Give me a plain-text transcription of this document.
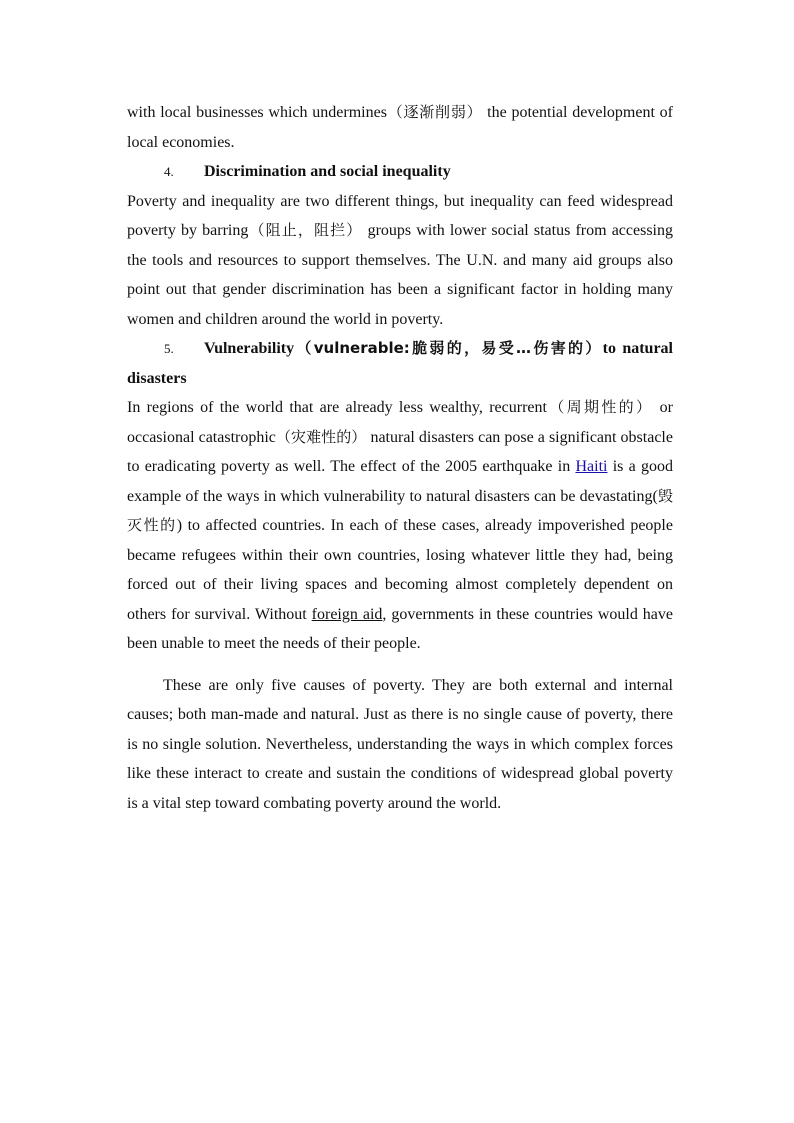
with local businesses which undermines（逐渐削弱） the potential development of local economies.

4. Discrimination and social inequality

Poverty and inequality are two different things, but inequality can feed widespread poverty by barring（阻止，阻拦） groups with lower social status from accessing the tools and resources to support themselves. The U.N. and many aid groups also point out that gender discrimination has been a significant factor in holding many women and children around the world in poverty.

5. Vulnerability（vulnerable:脆弱的，易受…伤害的）to natural disasters

In regions of the world that are already less wealthy, recurrent（周期性的） or occasional catastrophic（灾难性的） natural disasters can pose a significant obstacle to eradicating poverty as well. The effect of the 2005 earthquake in Haiti is a good example of the ways in which vulnerability to natural disasters can be devastating(毁灭性的) to affected countries. In each of these cases, already impoverished people became refugees within their own countries, losing whatever little they had, being forced out of their living spaces and becoming almost completely dependent on others for survival. Without foreign aid, governments in these countries would have been unable to meet the needs of their people.

These are only five causes of poverty. They are both external and internal causes; both man-made and natural. Just as there is no single cause of poverty, there is no single solution. Nevertheless, understanding the ways in which complex forces like these interact to create and sustain the conditions of widespread global poverty is a vital step toward combating poverty around the world.
